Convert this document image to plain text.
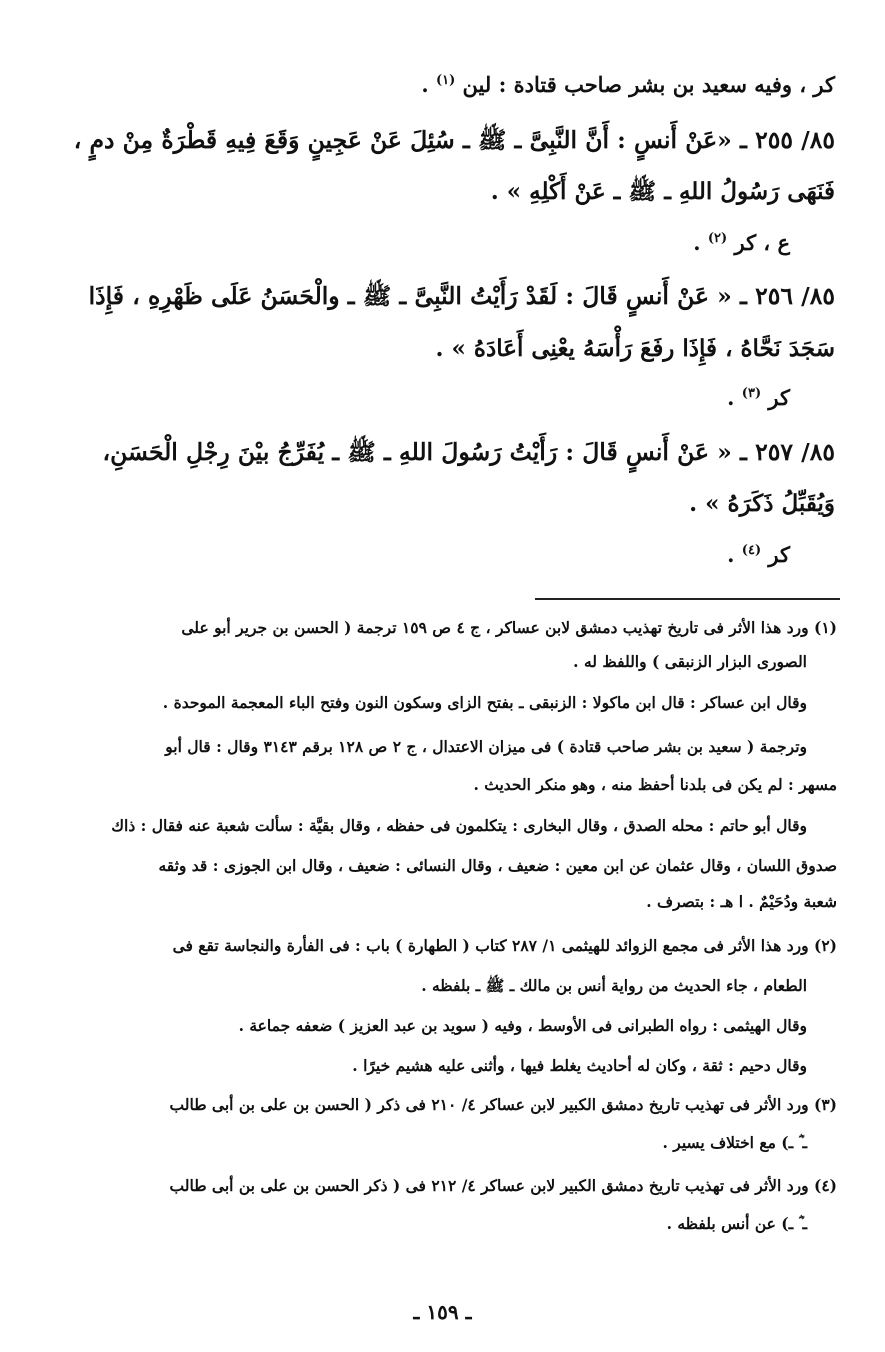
كر ، وفيه سعيد بن بشر صاحب قتادة : لين $^{(١)}$ .
٨٥/ ٢٥٥ ـ «عَنْ أَنسٍ : أَنَّ النَّبِىَّ ـ ﷺ ـ سُئِلَ عَنْ عَجِينٍ وَقَعَ فِيهِ قَطْرَةٌ مِنْ دمٍ ،
فَنَهَى رَسُولُ اللهِ ـ ﷺ ـ عَنْ أَكْلِهِ » .
ع ، كر $^{(٢)}$ .
٨٥/ ٢٥٦ ـ « عَنْ أَنسٍ قَالَ : لَقَدْ رَأَيْتُ النَّبِىَّ ـ ﷺ ـ والْحَسَنُ عَلَى ظَهْرِهِ ، فَإِذَا
سَجَدَ نَحَّاهُ ، فَإِذَا رفَعَ رَأْسَهُ يعْنِى أَعَادَهُ » .
كر $^{(٣)}$ .
٨٥/ ٢٥٧ ـ « عَنْ أَنسٍ قَالَ : رَأَيْتُ رَسُولَ اللهِ ـ ﷺ ـ يُفَرِّجُ بيْنَ رِجْلِ الْحَسَنِ،
وَيُقَبِّلُ ذَكَرَهُ » .
كر $^{(٤)}$ .
(١) ورد هذا الأثر فى تاريخ تهذيب دمشق لابن عساكر ، ج ٤ ص ١٥٩ ترجمة ( الحسن بن جرير أبو على
الصورى البزار الزنبقى ) واللفظ له .
وقال ابن عساكر : قال ابن ماكولا : الزنبقى ـ بفتح الزاى وسكون النون وفتح الباء المعجمة الموحدة .
وترجمة ( سعيد بن بشر صاحب قتادة ) فى ميزان الاعتدال ، ج ٢ ص ١٢٨ برقم ٣١٤٣ وقال : قال أبو
مسهر : لم يكن فى بلدنا أحفظ منه ، وهو منكر الحديث .
وقال أبو حاتم : محله الصدق ، وقال البخارى : يتكلمون فى حفظه ، وقال بقيَّة : سألت شعبة عنه فقال : ذاك
صدوق اللسان ، وقال عثمان عن ابن معين : ضعيف ، وقال النسائى : ضعيف ، وقال ابن الجوزى : قد وثقه
شعبة ودُحَيْمٌ . ا هـ : بتصرف .
(٢) ورد هذا الأثر فى مجمع الزوائد للهيثمى ١/ ٢٨٧ كتاب ( الطهارة ) باب : فى الفأرة والنجاسة تقع فى
الطعام ، جاء الحديث من رواية أنس بن مالك ـ ﷺ ـ بلفظه .
وقال الهيثمى : رواه الطبرانى فى الأوسط ، وفيه ( سويد بن عبد العزيز ) ضعفه جماعة .
وقال دحيم : ثقة ، وكان له أحاديث يغلط فيها ، وأثنى عليه هشيم خيرًا .
(٣) ورد الأثر فى تهذيب تاريخ دمشق الكبير لابن عساكر ٤/ ٢١٠ فى ذكر ( الحسن بن على بن أبى طالب
ـ ؓ ـ) مع اختلاف يسير .
(٤) ورد الأثر فى تهذيب تاريخ دمشق الكبير لابن عساكر ٤/ ٢١٢ فى ( ذكر الحسن بن على بن أبى طالب
ـ ؓ ـ) عن أنس بلفظه .
ـ ١٥٩ ـ
